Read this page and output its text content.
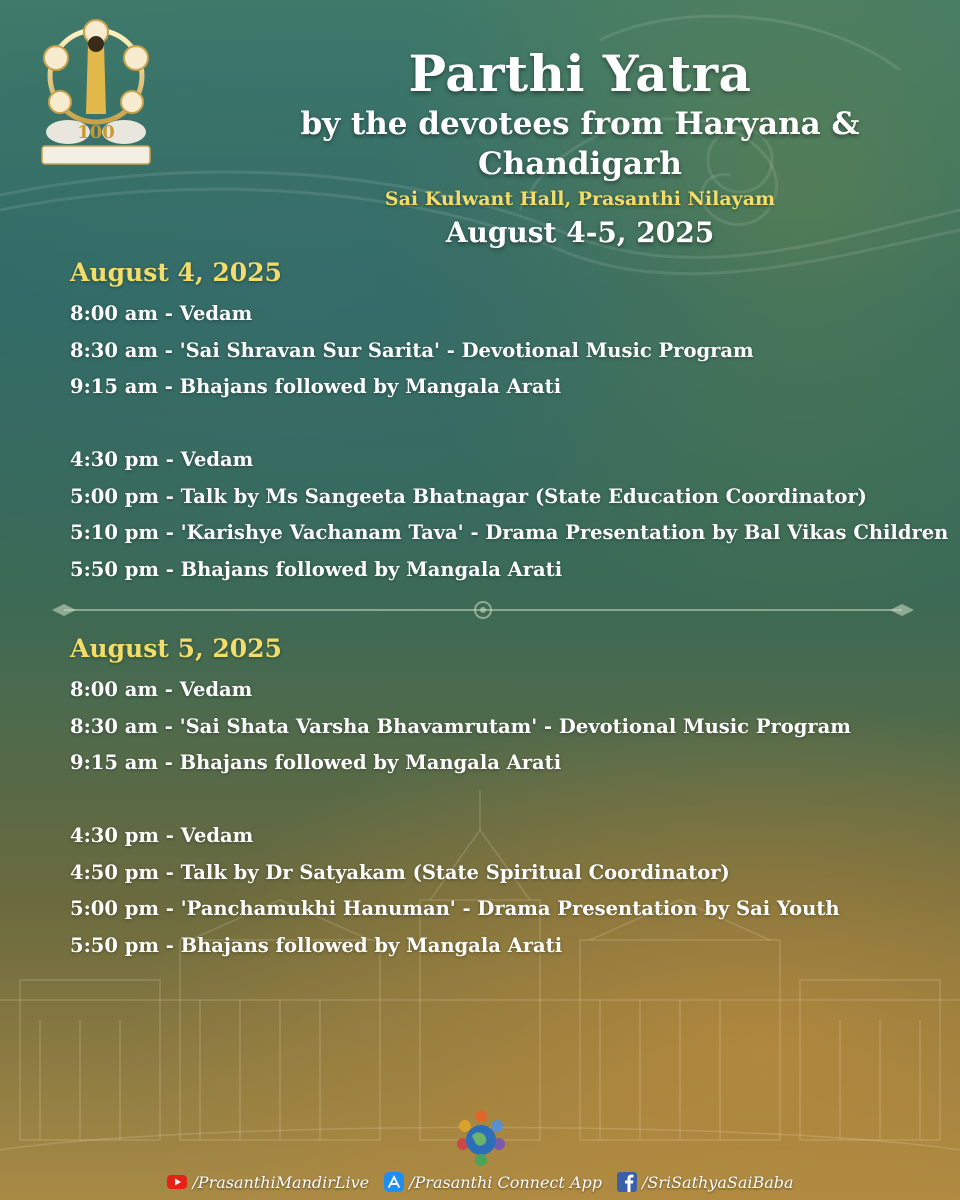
100
Parthi Yatra
by the devotees from Haryana & Chandigarh
Sai Kulwant Hall, Prasanthi Nilayam
August 4-5, 2025
August 4, 2025
8:00 am - Vedam
8:30 am - 'Sai Shravan Sur Sarita' - Devotional Music Program
9:15 am - Bhajans followed by Mangala Arati
4:30 pm - Vedam
5:00 pm - Talk by Ms Sangeeta Bhatnagar (State Education Coordinator)
5:10 pm - 'Karishye Vachanam Tava' - Drama Presentation by Bal Vikas Children
5:50 pm - Bhajans followed by Mangala Arati
August 5, 2025
8:00 am - Vedam
8:30 am - 'Sai Shata Varsha Bhavamrutam' - Devotional Music Program
9:15 am - Bhajans followed by Mangala Arati
4:30 pm - Vedam
4:50 pm - Talk by Dr Satyakam (State Spiritual Coordinator)
5:00 pm - 'Panchamukhi Hanuman' - Drama Presentation by Sai Youth
5:50 pm - Bhajans followed by Mangala Arati
/PrasanthiMandirLive	/Prasanthi Connect App	/SriSathyaSaiBaba
